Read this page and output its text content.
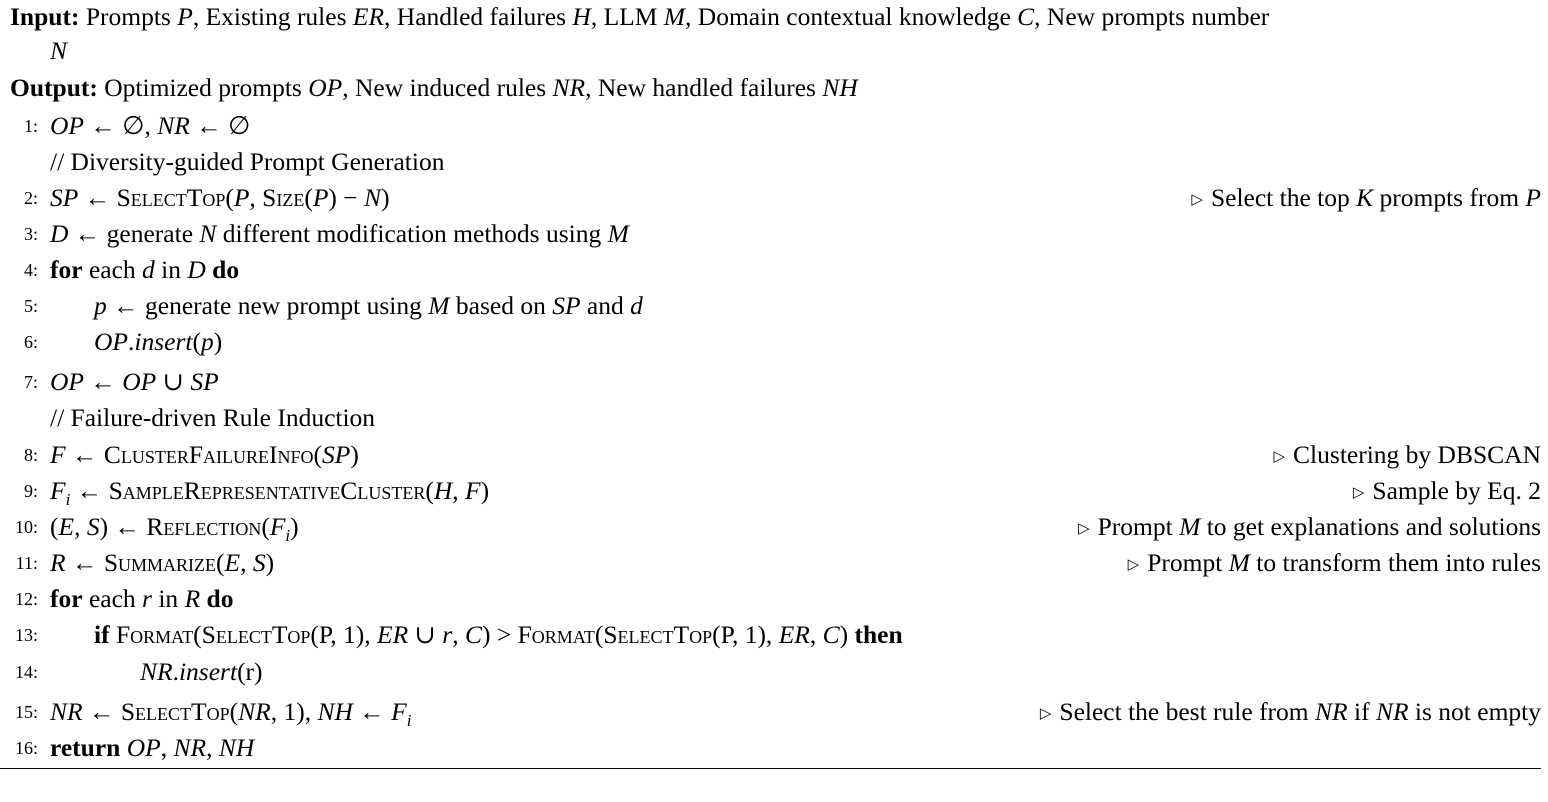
Input: Prompts P, Existing rules ER, Handled failures H, LLM M, Domain contextual knowledge C, New prompts number
N
Output: Optimized prompts OP, New induced rules NR, New handled failures NH
1: OP ← ∅, NR ← ∅
// Diversity-guided Prompt Generation
2: SP ← SelectTop(P, Size(P) − N)	▷ Select the top K prompts from P
3: D ← generate N different modification methods using M
4: for each d in D do
5: p ← generate new prompt using M based on SP and d
6: OP.insert(p)
7: OP ← OP ∪ SP
// Failure-driven Rule Induction
8: F ← ClusterFailureInfo(SP)	▷ Clustering by DBSCAN
9: $F_i$ ← SampleRepresentativeCluster(H, F)	▷ Sample by Eq. 2
10: (E, S) ← $Reflection(F_i)$	▷ Prompt M to get explanations and solutions
11: R ← Summarize(E, S)	▷ Prompt M to transform them into rules
12: for each r in R do
13: if Format(SelectTop(P, 1), ER ∪ r, C) > Format(SelectTop(P, 1), ER, C) then
14:	NR.insert(r)
15: NR ← SelectTop(NR, 1), NH ← $F_i$	▷ Select the best rule from NR if NR is not empty
16: return OP, NR, NH
